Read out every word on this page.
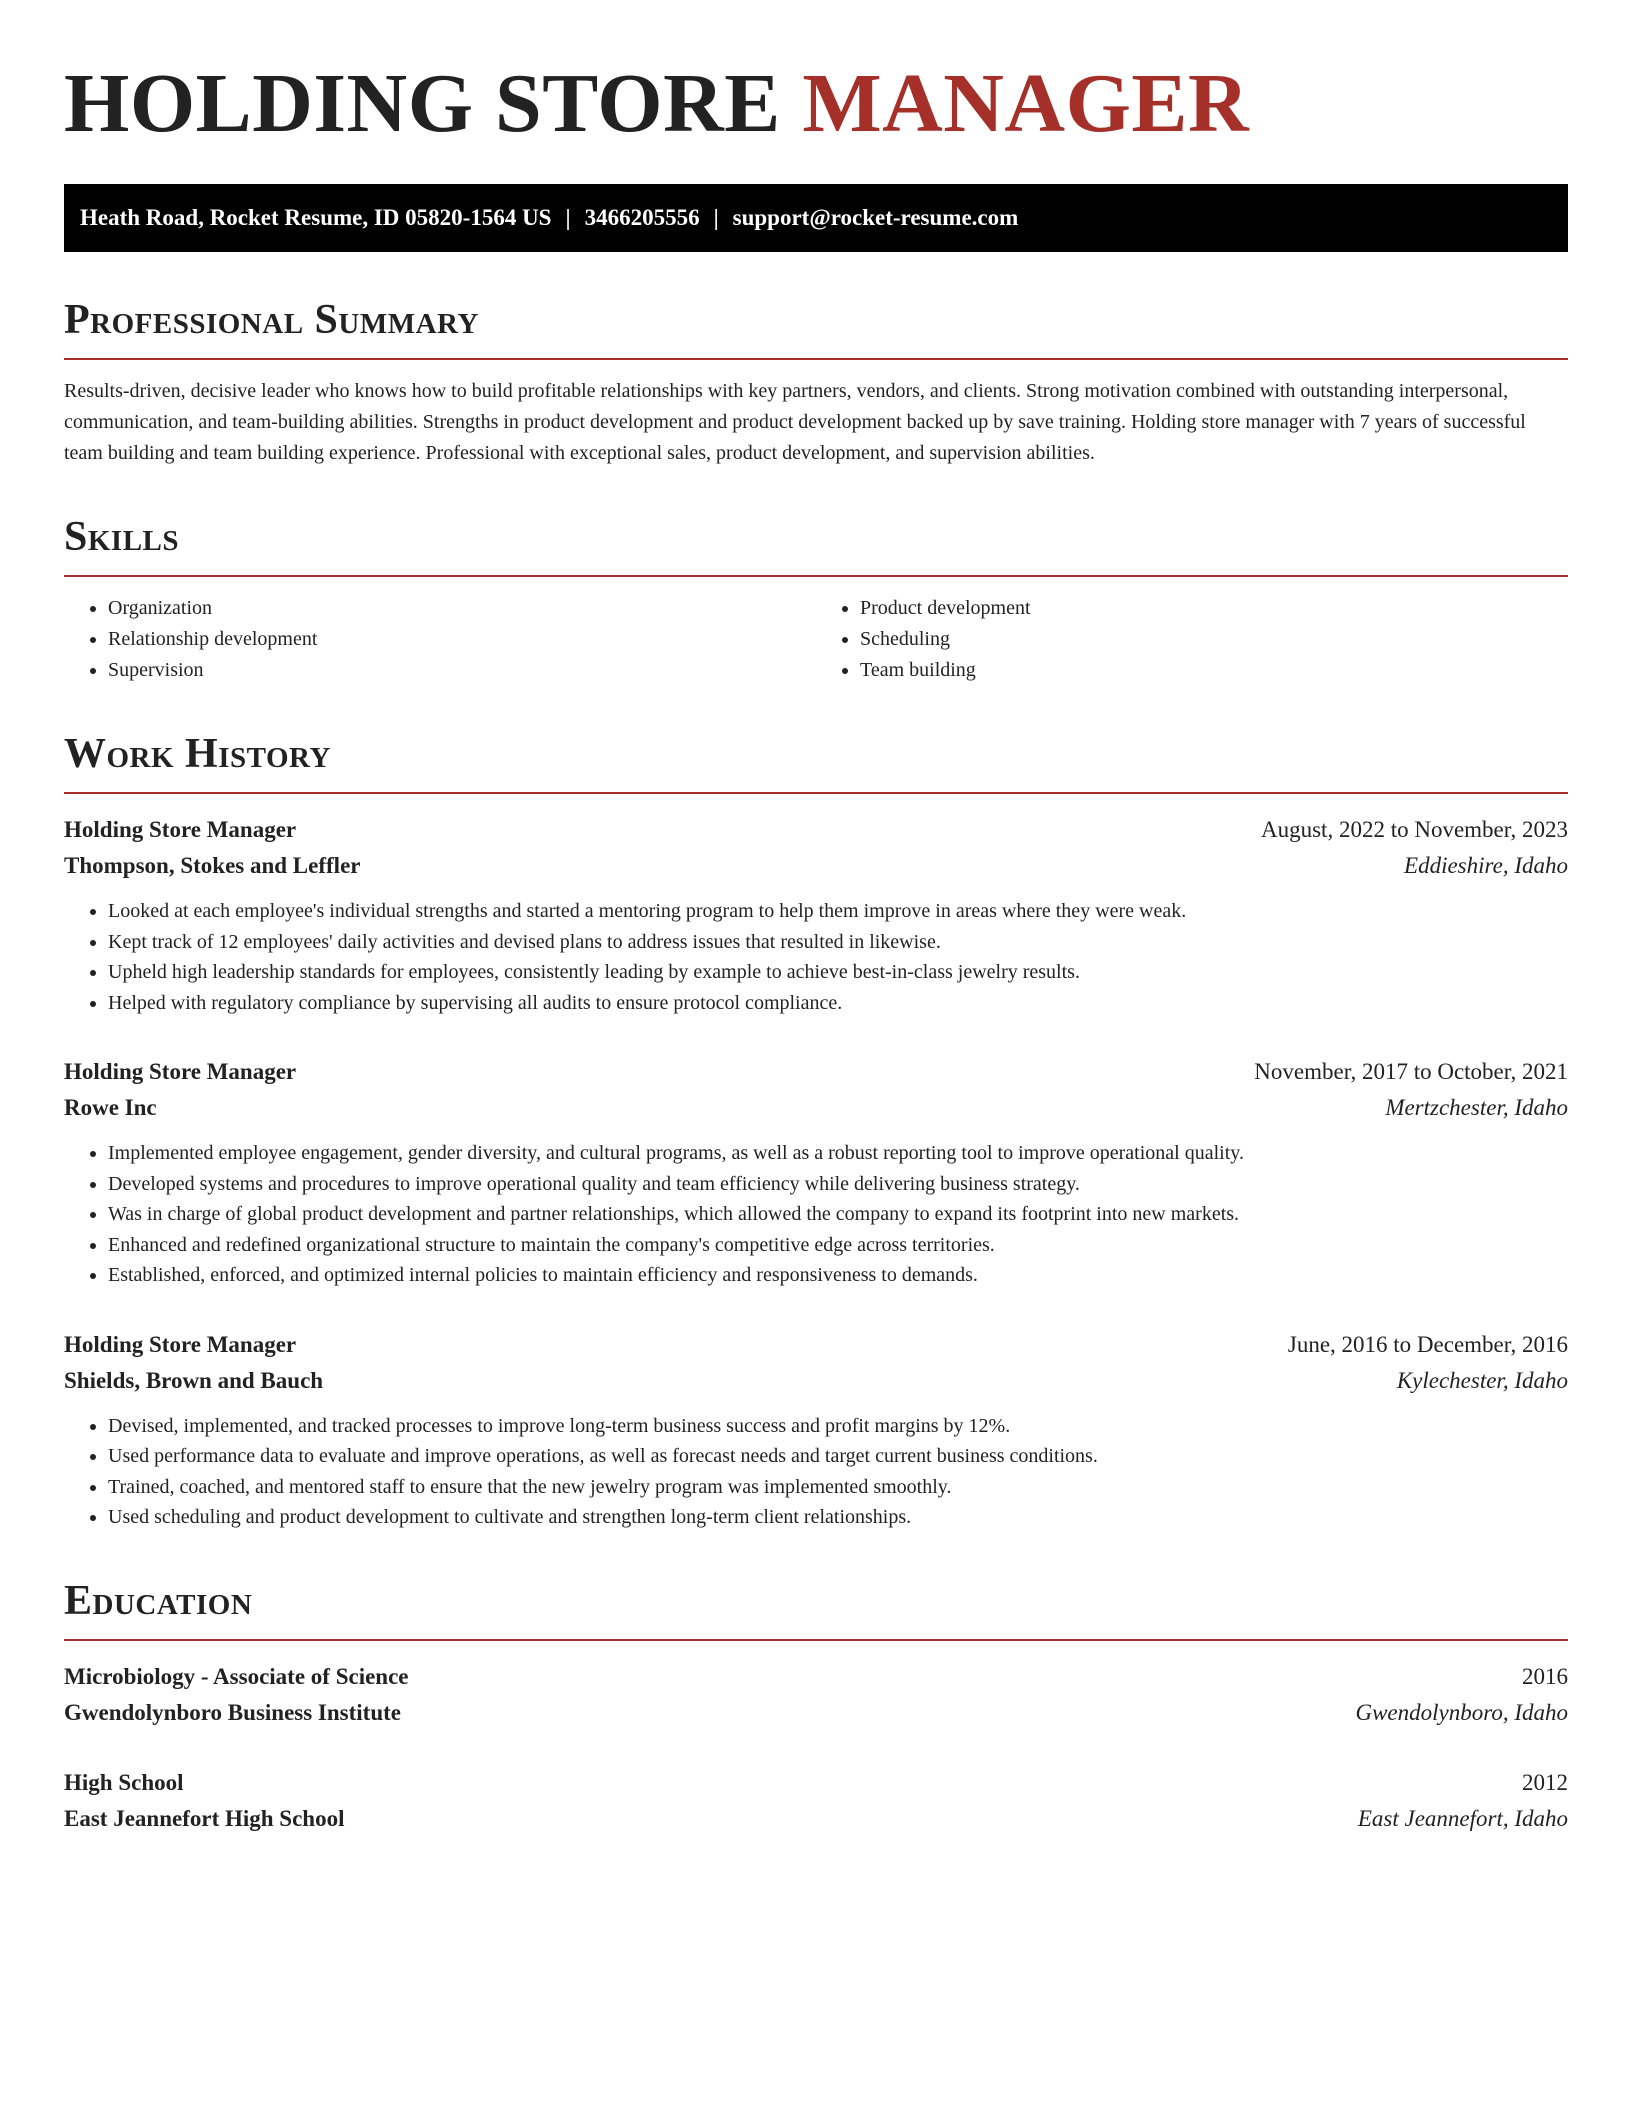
HOLDING STORE MANAGER
Heath Road, Rocket Resume, ID 05820-1564 US | 3466205556 | support@rocket-resume.com
Professional Summary

Results-driven, decisive leader who knows how to build profitable relationships with key partners, vendors, and clients. Strong motivation combined with outstanding interpersonal, communication, and team-building abilities. Strengths in product development and product development backed up by save training. Holding store manager with 7 years of successful team building and team building experience. Professional with exceptional sales, product development, and supervision abilities.

Skills
• Organization
• Relationship development
• Supervision
• Product development
• Scheduling
• Team building
Work History
Holding Store Manager	August, 2022 to November, 2023
Thompson, Stokes and Leffler	Eddieshire, Idaho
• Looked at each employee's individual strengths and started a mentoring program to help them improve in areas where they were weak.
• Kept track of 12 employees' daily activities and devised plans to address issues that resulted in likewise.
• Upheld high leadership standards for employees, consistently leading by example to achieve best-in-class jewelry results.
• Helped with regulatory compliance by supervising all audits to ensure protocol compliance.
Holding Store Manager	November, 2017 to October, 2021
Rowe Inc	Mertzchester, Idaho
• Implemented employee engagement, gender diversity, and cultural programs, as well as a robust reporting tool to improve operational quality.
• Developed systems and procedures to improve operational quality and team efficiency while delivering business strategy.
• Was in charge of global product development and partner relationships, which allowed the company to expand its footprint into new markets.
• Enhanced and redefined organizational structure to maintain the company's competitive edge across territories.
• Established, enforced, and optimized internal policies to maintain efficiency and responsiveness to demands.
Holding Store Manager	June, 2016 to December, 2016
Shields, Brown and Bauch	Kylechester, Idaho
• Devised, implemented, and tracked processes to improve long-term business success and profit margins by 12%.
• Used performance data to evaluate and improve operations, as well as forecast needs and target current business conditions.
• Trained, coached, and mentored staff to ensure that the new jewelry program was implemented smoothly.
• Used scheduling and product development to cultivate and strengthen long-term client relationships.
Education
Microbiology - Associate of Science	2016
Gwendolynboro Business Institute	Gwendolynboro, Idaho
High School	2012
East Jeannefort High School	East Jeannefort, Idaho
